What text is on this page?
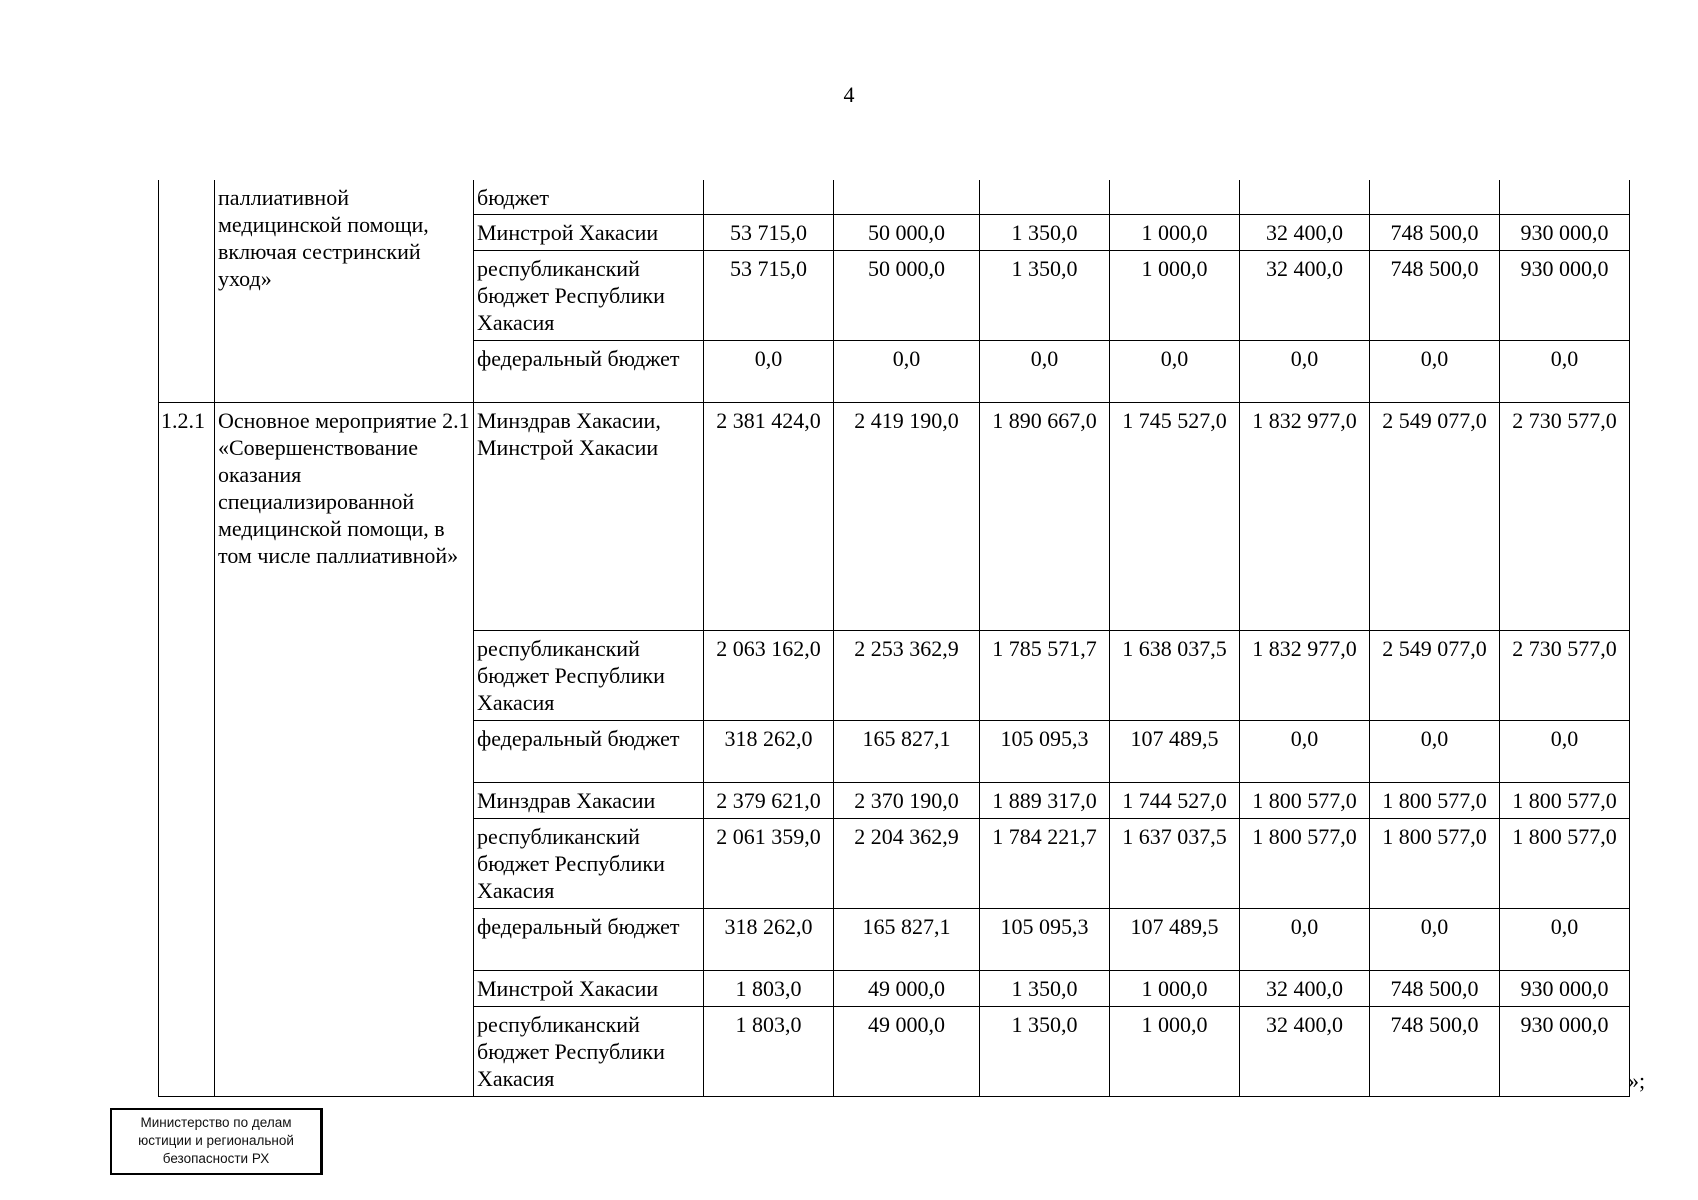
4
	паллиативной медицинской помощи, включая сестринский уход»	бюджет							
		Минстрой Хакасии	53 715,0	50 000,0	1 350,0	1 000,0	32 400,0	748 500,0	930 000,0
		республиканский бюджет Республики Хакасия	53 715,0	50 000,0	1 350,0	1 000,0	32 400,0	748 500,0	930 000,0
		федеральный бюджет	0,0	0,0	0,0	0,0	0,0	0,0	0,0
1.2.1	Основное мероприятие 2.1 «Совершенствование оказания специализированной медицинской помощи, в том числе паллиативной»	Минздрав Хакасии, Минстрой Хакасии	2 381 424,0	2 419 190,0	1 890 667,0	1 745 527,0	1 832 977,0	2 549 077,0	2 730 577,0
		республиканский бюджет Республики Хакасия	2 063 162,0	2 253 362,9	1 785 571,7	1 638 037,5	1 832 977,0	2 549 077,0	2 730 577,0
		федеральный бюджет	318 262,0	165 827,1	105 095,3	107 489,5	0,0	0,0	0,0
		Минздрав Хакасии	2 379 621,0	2 370 190,0	1 889 317,0	1 744 527,0	1 800 577,0	1 800 577,0	1 800 577,0
		республиканский бюджет Республики Хакасия	2 061 359,0	2 204 362,9	1 784 221,7	1 637 037,5	1 800 577,0	1 800 577,0	1 800 577,0
		федеральный бюджет	318 262,0	165 827,1	105 095,3	107 489,5	0,0	0,0	0,0
		Минстрой Хакасии	1 803,0	49 000,0	1 350,0	1 000,0	32 400,0	748 500,0	930 000,0
		республиканский бюджет Республики Хакасия	1 803,0	49 000,0	1 350,0	1 000,0	32 400,0	748 500,0	930 000,0
»;
Министерство по делам
юстиции и региональной
безопасности РХ
